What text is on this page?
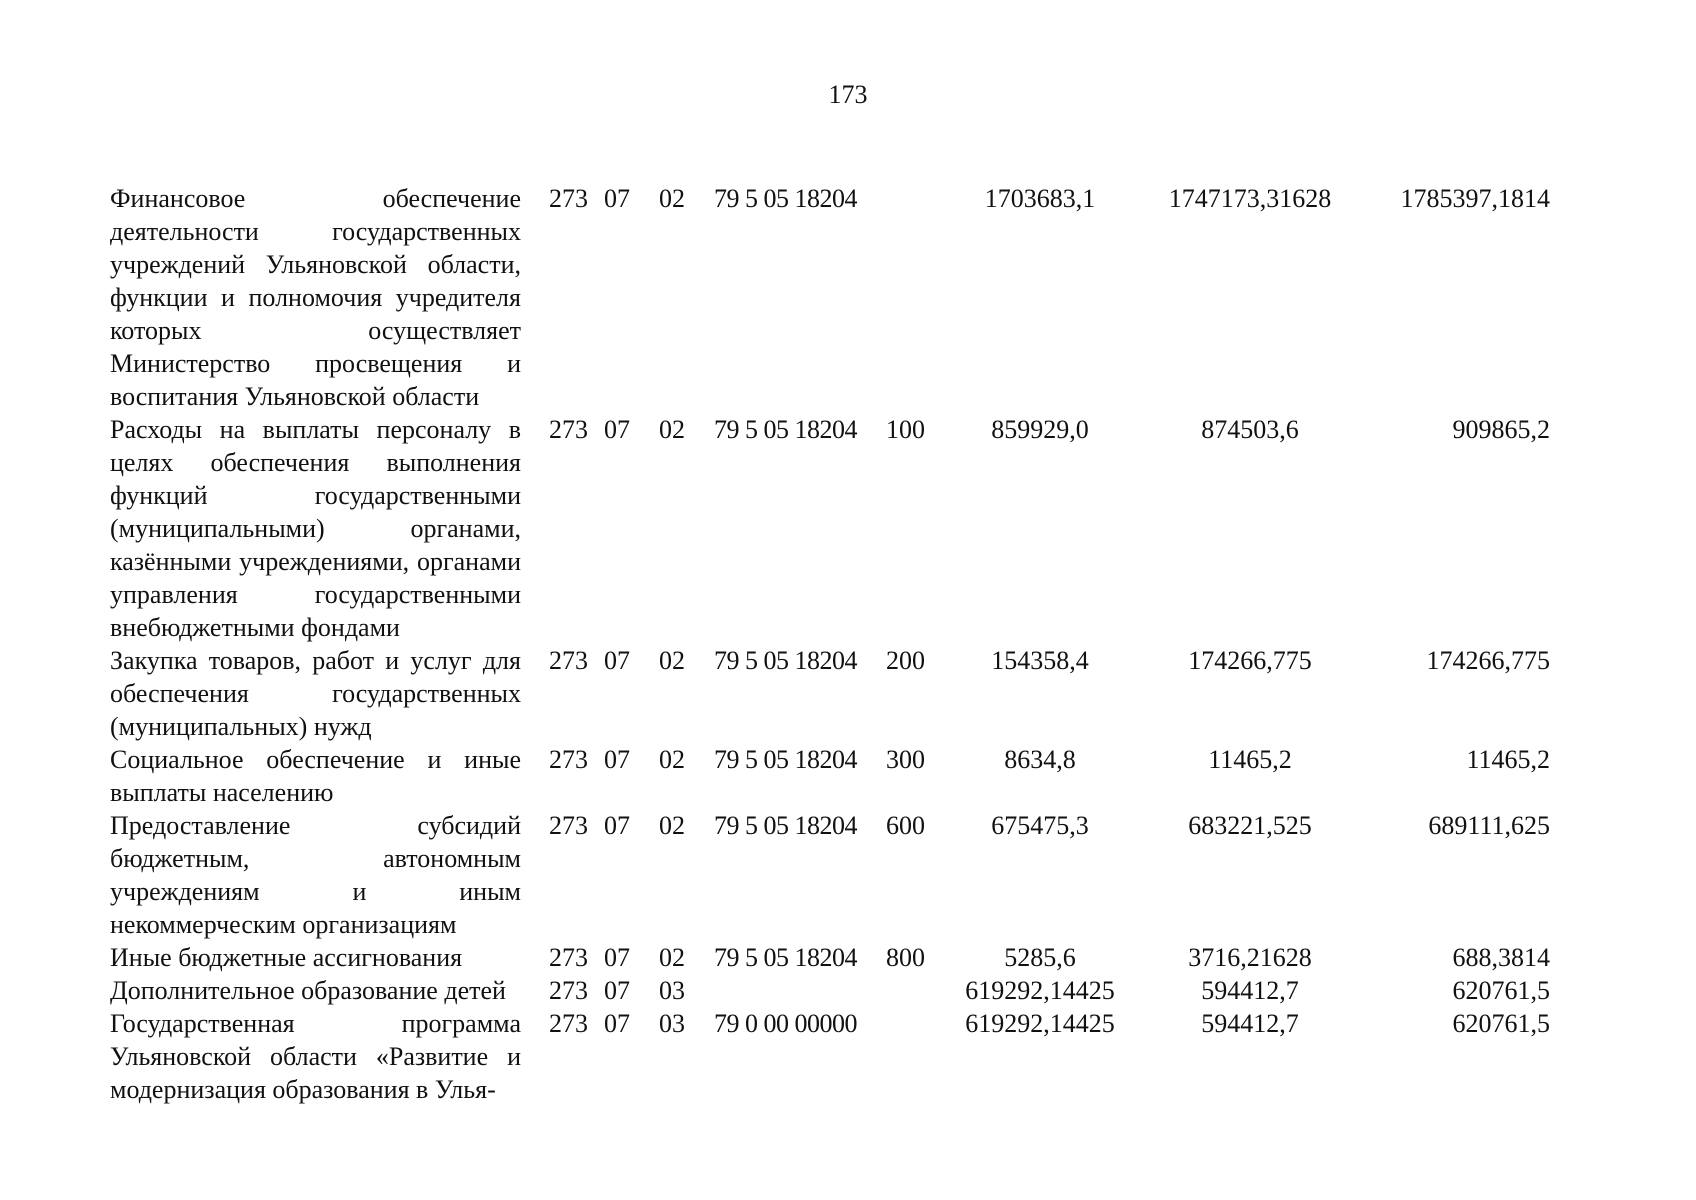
173
Финансовое обеспечение деятельности государственных учреждений Ульяновской области, функции и полномочия учредителя которых осуществляет Министерство просвещения и воспитания Ульяновской области	273	07	02	79 5 05 18204		1703683,1	1747173,31628	1785397,1814
Расходы на выплаты персоналу в целях обеспечения выполнения функций государственными (муниципальными) органами, казёнными учреждениями, органами управления государственными внебюджетными фондами	273	07	02	79 5 05 18204	100	859929,0	874503,6	909865,2
Закупка товаров, работ и услуг для обеспечения государственных (муниципальных) нужд	273	07	02	79 5 05 18204	200	154358,4	174266,775	174266,775
Социальное обеспечение и иные выплаты населению	273	07	02	79 5 05 18204	300	8634,8	11465,2	11465,2
Предоставление субсидий бюджетным, автономным учреждениям и иным некоммерческим организациям	273	07	02	79 5 05 18204	600	675475,3	683221,525	689111,625
Иные бюджетные ассигнования	273	07	02	79 5 05 18204	800	5285,6	3716,21628	688,3814
Дополнительное образование детей	273	07	03			619292,14425	594412,7	620761,5
Государственная программа Ульяновской области «Развитие и модернизация образования в Улья-	273	07	03	79 0 00 00000		619292,14425	594412,7	620761,5
